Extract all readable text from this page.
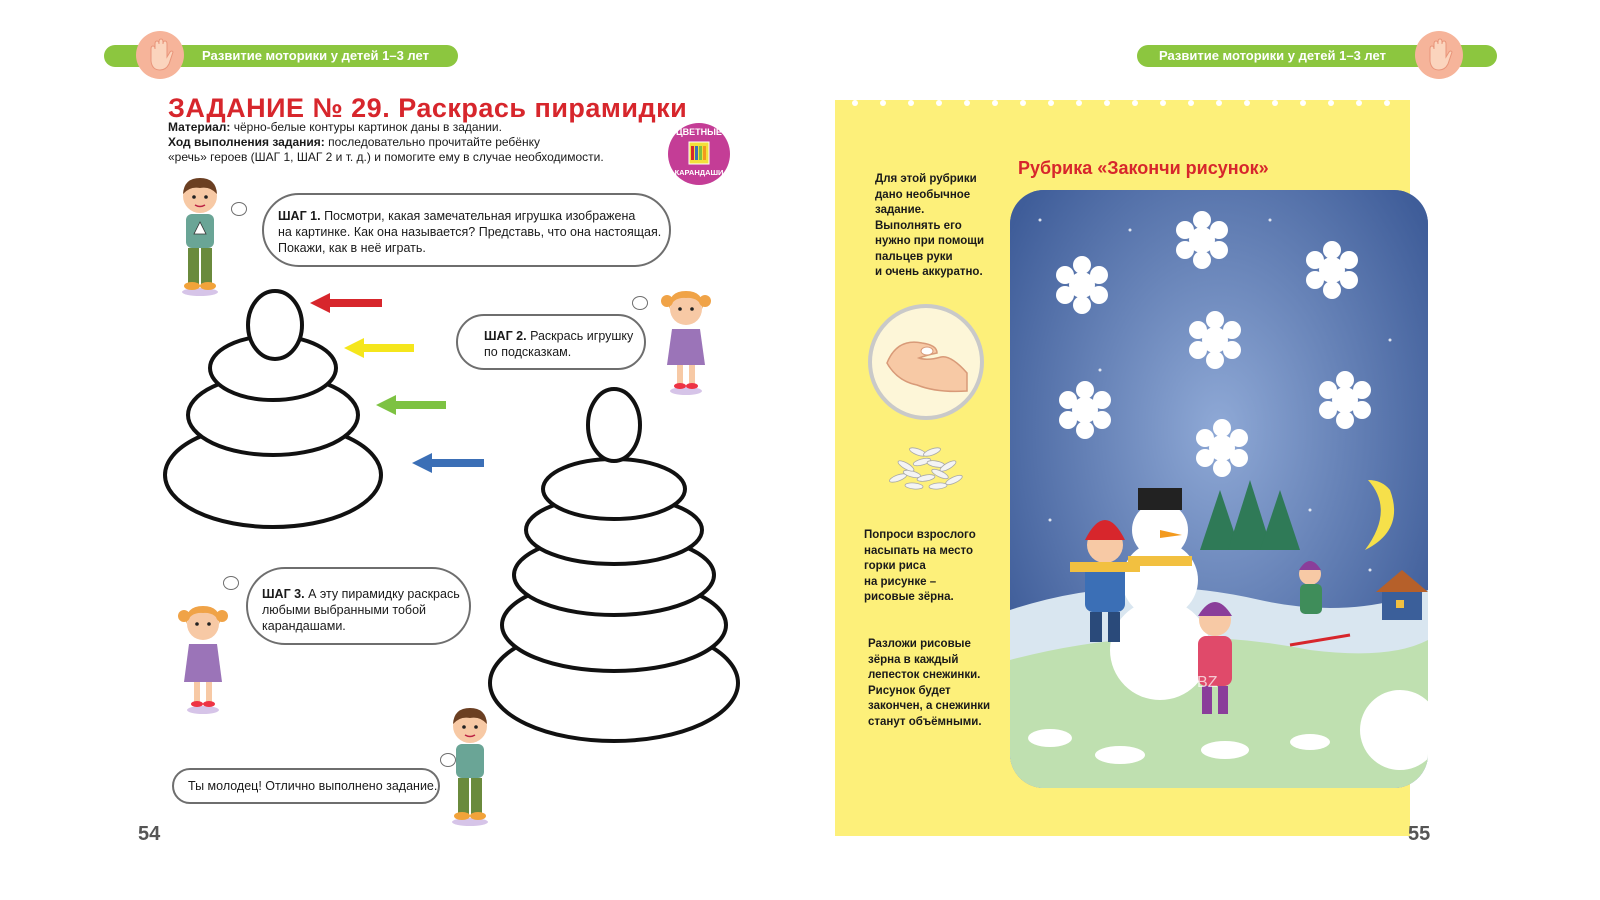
Развитие моторики у детей 1–3 лет
ЗАДАНИЕ № 29. Раскрась пирамидки
Материал: чёрно-белые контуры картинок даны в задании.
Ход выполнения задания: последовательно прочитайте ребёнку
«речь» героев (ШАГ 1, ШАГ 2 и т. д.) и помогите ему в случае необходимости.
ЦВЕТНЫЕ
КАРАНДАШИ
ШАГ 1. Посмотри, какая замечательная игрушка изображена
на картинке. Как она называется? Представь, что она настоящая.
Покажи, как в неё играть.
ШАГ 2. Раскрась игрушку
по подсказкам.
ШАГ 3. А эту пирамидку раскрась
любыми выбранными тобой
карандашами.
Ты молодец! Отлично выполнено задание.
54
Развитие моторики у детей 1–3 лет
Рубрика «Закончи рисунок»
Для этой рубрики
дано необычное
задание.
Выполнять его
нужно при помощи
пальцев руки
и очень аккуратно.
Попроси взрослого
насыпать на место
горки риса
на рисунке –
рисовые зёрна.
Разложи рисовые
зёрна в каждый
лепесток снежинки.
Рисунок будет
закончен, а снежинки
станут объёмными.
KITOBZ
55
